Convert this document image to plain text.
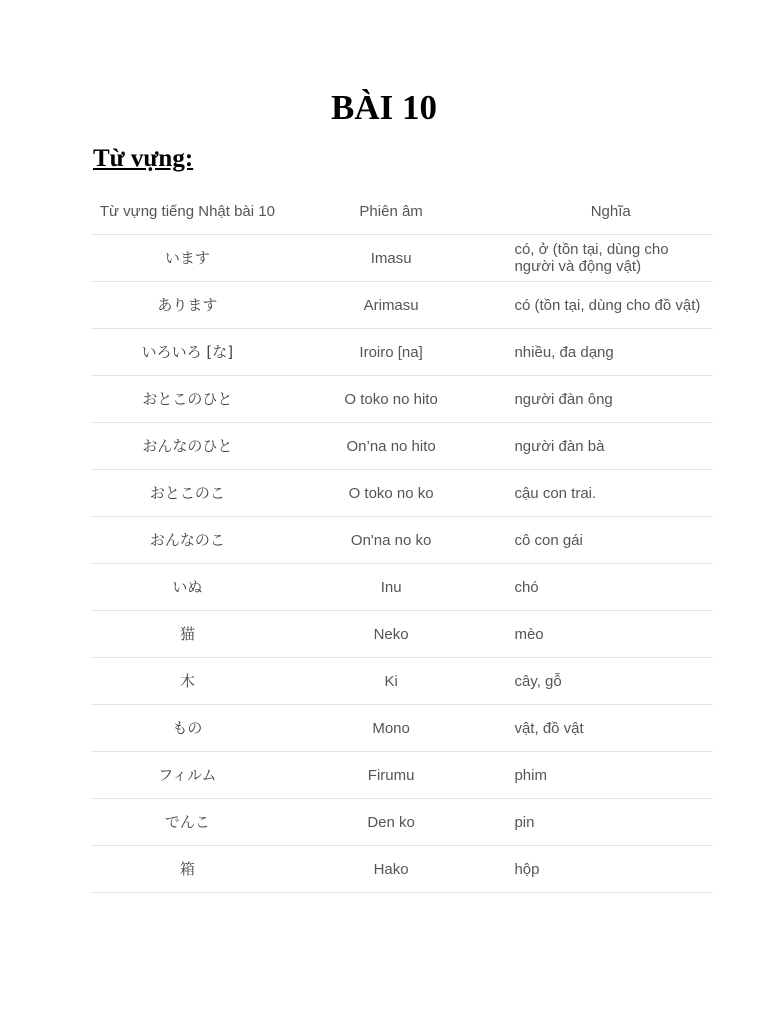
BÀI 10
Từ vựng:
Từ vựng tiếng Nhật bài 10	Phiên âm	Nghĩa
います	Imasu	có, ở (tồn tại, dùng cho người và động vật)
あります	Arimasu	có (tồn tại, dùng cho đồ vật)
いろいろ [な]	Iroiro [na]	nhiều, đa dạng
おとこのひと	O toko no hito	người đàn ông
おんなのひと	On’na no hito	người đàn bà
おとこのこ	O toko no ko	cậu con trai.
おんなのこ	On'na no ko	cô con gái
いぬ	Inu	chó
猫	Neko	mèo
木	Ki	cây, gỗ
もの	Mono	vật, đồ vật
フィルム	Firumu	phim
でんこ	Den ko	pin
箱	Hako	hộp
